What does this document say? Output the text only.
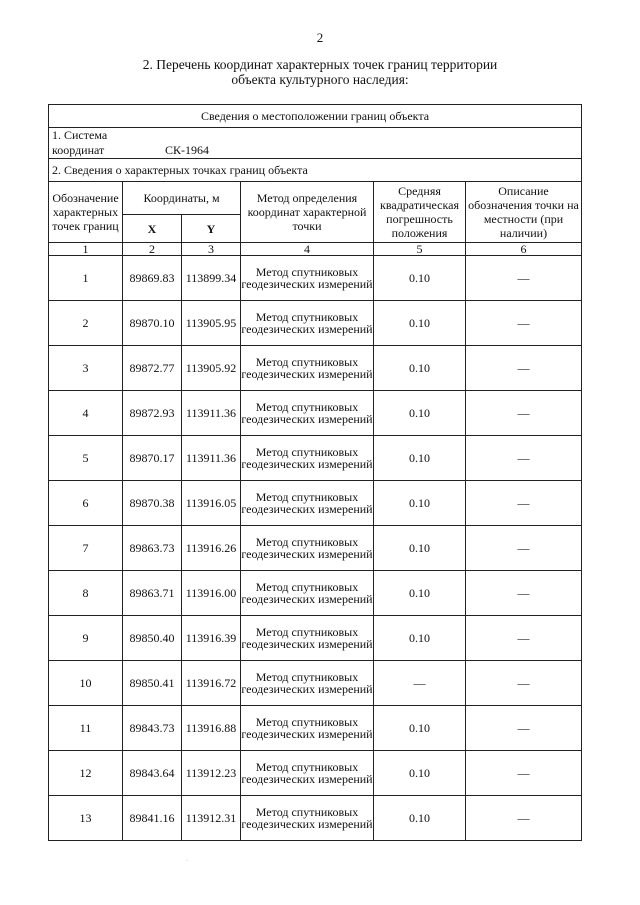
2
2. Перечень координат характерных точек границ территории
объекта культурного наследия:
Сведения о местоположении границ объекта					
1. Система координат СК-1964					
2. Сведения о характерных точках границ объекта					
Обозначение характерных точек границ	Координаты, м		Метод определения координат характерной точки	Средняя квадратическая погрешность положения	Описание обозначения точки на местности (при наличии)
	X	Y			
1	2	3	4	5	6
1	89869.83	113899.34	Метод спутниковых геодезических измерений	0.10	—
2	89870.10	113905.95	Метод спутниковых геодезических измерений	0.10	—
3	89872.77	113905.92	Метод спутниковых геодезических измерений	0.10	—
4	89872.93	113911.36	Метод спутниковых геодезических измерений	0.10	—
5	89870.17	113911.36	Метод спутниковых геодезических измерений	0.10	—
6	89870.38	113916.05	Метод спутниковых геодезических измерений	0.10	—
7	89863.73	113916.26	Метод спутниковых геодезических измерений	0.10	—
8	89863.71	113916.00	Метод спутниковых геодезических измерений	0.10	—
9	89850.40	113916.39	Метод спутниковых геодезических измерений	0.10	—
10	89850.41	113916.72	Метод спутниковых геодезических измерений	—	—
11	89843.73	113916.88	Метод спутниковых геодезических измерений	0.10	—
12	89843.64	113912.23	Метод спутниковых геодезических измерений	0.10	—
13	89841.16	113912.31	Метод спутниковых геодезических измерений	0.10	—
·
